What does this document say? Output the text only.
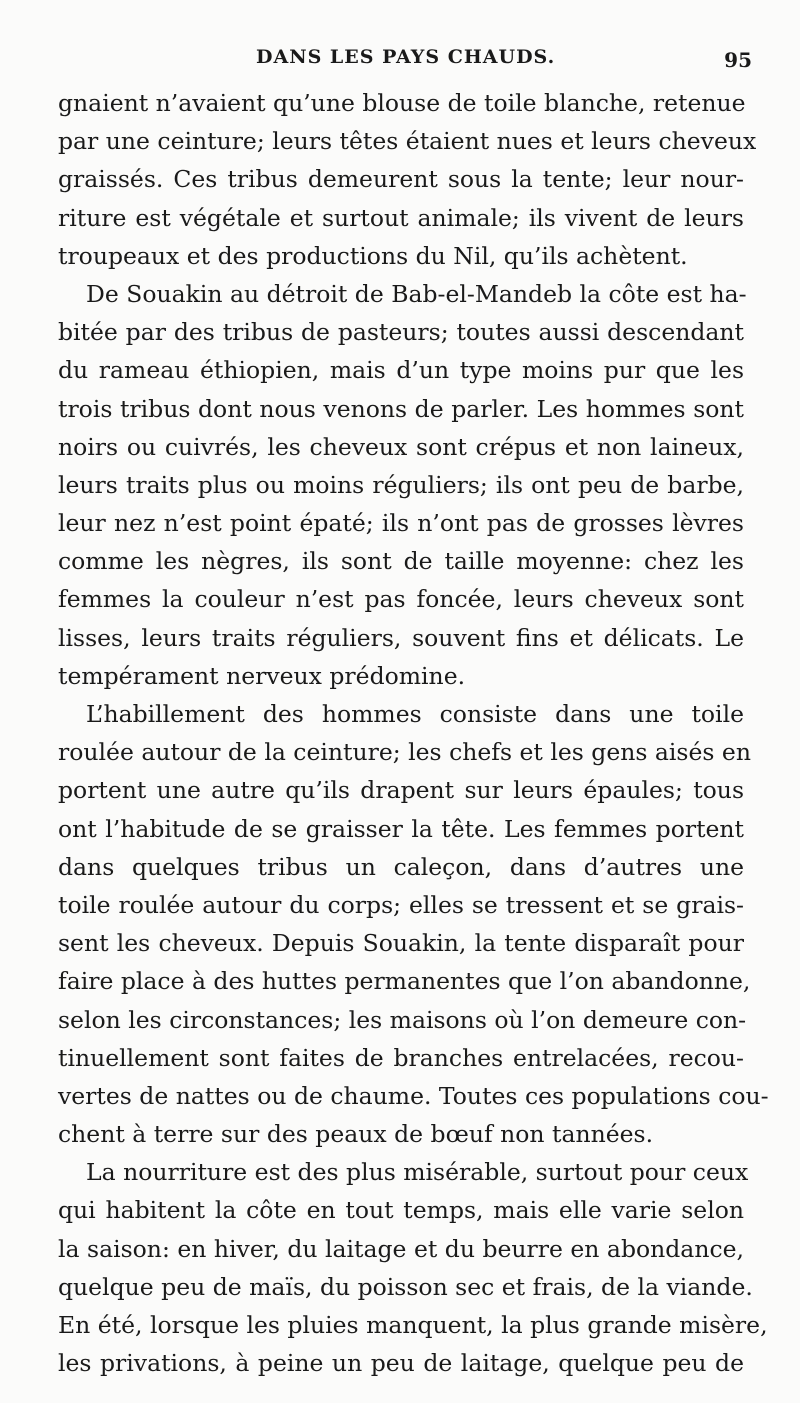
DANS LES PAYS CHAUDS.	95
gnaient n’avaient qu’une blouse de toile blanche, retenue
par une ceinture; leurs têtes étaient nues et leurs cheveux
graissés. Ces tribus demeurent sous la tente; leur nour-
riture est végétale et surtout animale; ils vivent de leurs
troupeaux et des productions du Nil, qu’ils achètent.
De Souakin au détroit de Bab-el-Mandeb la côte est ha-
bitée par des tribus de pasteurs; toutes aussi descendant
du rameau éthiopien, mais d’un type moins pur que les
trois tribus dont nous venons de parler. Les hommes sont
noirs ou cuivrés, les cheveux sont crépus et non laineux,
leurs traits plus ou moins réguliers; ils ont peu de barbe,
leur nez n’est point épaté; ils n’ont pas de grosses lèvres
comme les nègres, ils sont de taille moyenne: chez les
femmes la couleur n’est pas foncée, leurs cheveux sont
lisses, leurs traits réguliers, souvent fins et délicats. Le
tempérament nerveux prédomine.
L’habillement des hommes consiste dans une toile
roulée autour de la ceinture; les chefs et les gens aisés en
portent une autre qu’ils drapent sur leurs épaules; tous
ont l’habitude de se graisser la tête. Les femmes portent
dans quelques tribus un caleçon, dans d’autres une
toile roulée autour du corps; elles se tressent et se grais-
sent les cheveux. Depuis Souakin, la tente disparaît pour
faire place à des huttes permanentes que l’on abandonne,
selon les circonstances; les maisons où l’on demeure con-
tinuellement sont faites de branches entrelacées, recou-
vertes de nattes ou de chaume. Toutes ces populations cou-
chent à terre sur des peaux de bœuf non tannées.
La nourriture est des plus misérable, surtout pour ceux
qui habitent la côte en tout temps, mais elle varie selon
la saison: en hiver, du laitage et du beurre en abondance,
quelque peu de maïs, du poisson sec et frais, de la viande.
En été, lorsque les pluies manquent, la plus grande misère,
les privations, à peine un peu de laitage, quelque peu de
